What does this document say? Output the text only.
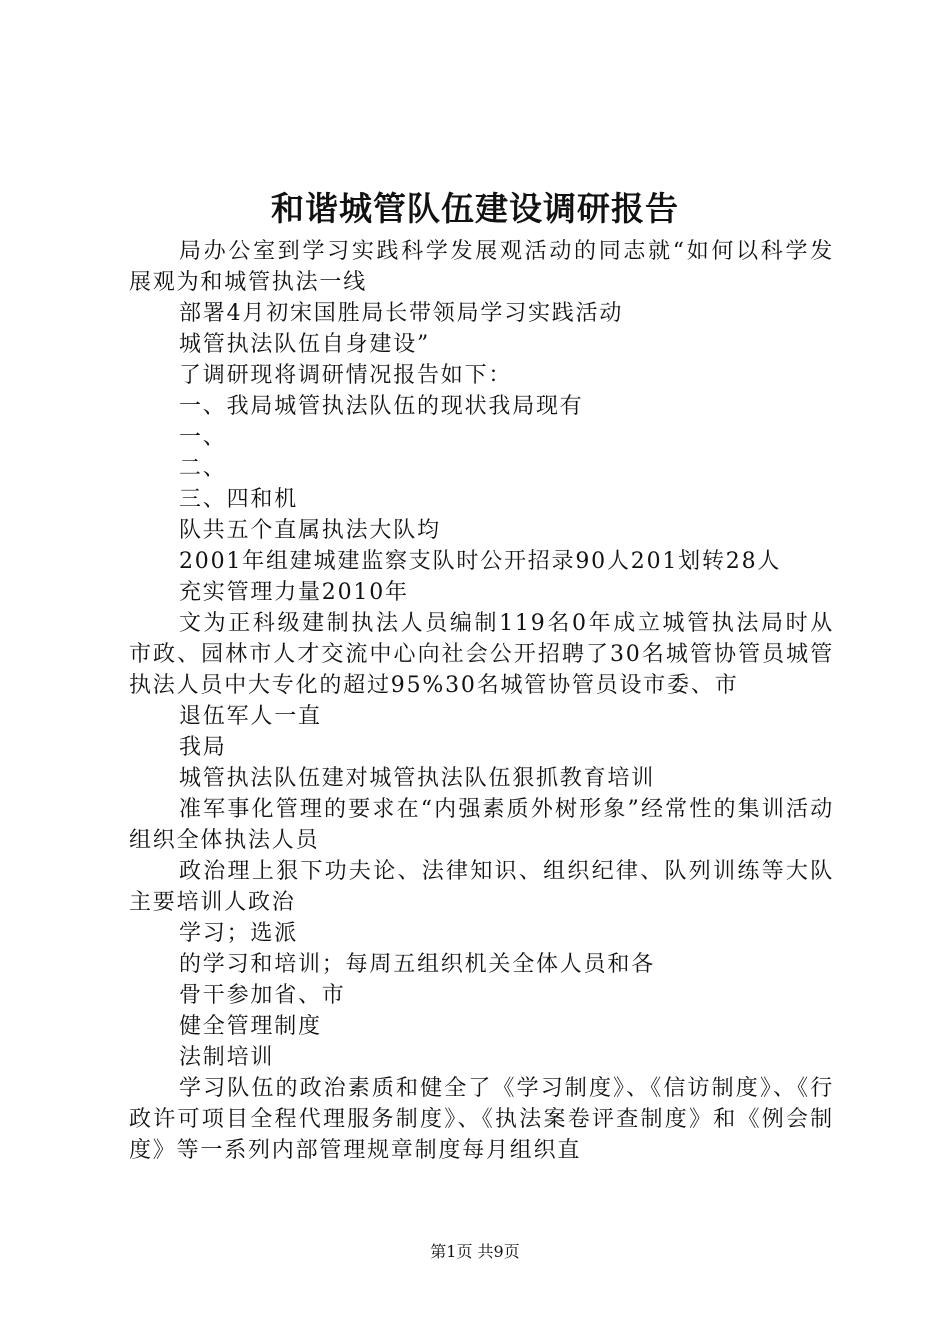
和谐城管队伍建设调研报告

局办公室到学习实践科学发展观活动的同志就“如何以科学发展观为和城管执法一线

部署4月初宋国胜局长带领局学习实践活动

城管执法队伍自身建设”

了调研现将调研情况报告如下：

一、我局城管执法队伍的现状我局现有

一、

二、

三、四和机

队共五个直属执法大队均

2001年组建城建监察支队时公开招录90人201划转28人

充实管理力量2010年

文为正科级建制执法人员编制119名0年成立城管执法局时从市政、园林市人才交流中心向社会公开招聘了30名城管协管员城管执法人员中大专化的超过95%30名城管协管员设市委、市

退伍军人一直

我局

城管执法队伍建对城管执法队伍狠抓教育培训

准军事化管理的要求在“内强素质外树形象”经常性的集训活动组织全体执法人员

政治理上狠下功夫论、法律知识、组织纪律、队列训练等大队主要培训人政治

学习；选派

的学习和培训；每周五组织机关全体人员和各

骨干参加省、市

健全管理制度

法制培训

学习队伍的政治素质和健全了《学习制度》、《信访制度》、《行政许可项目全程代理服务制度》、《执法案卷评查制度》和《例会制度》等一系列内部管理规章制度每月组织直

第1页 共9页
